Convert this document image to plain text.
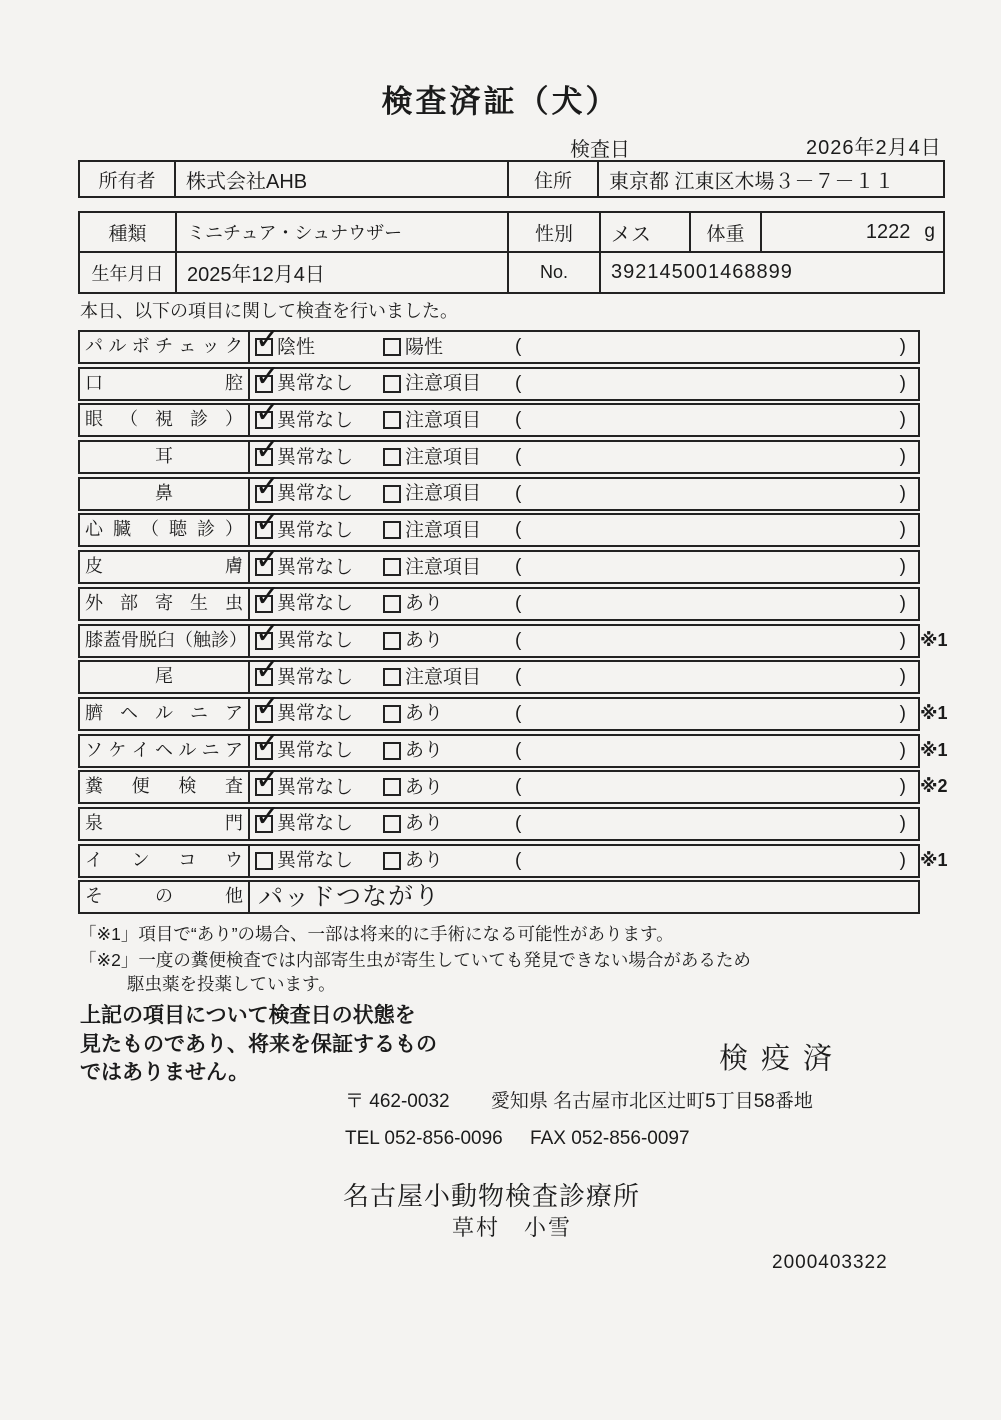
検査済証（犬）
検査日	2026年2月4日
所有者	株式会社AHB	住所	東京都 江東区木場３－７－１１
種類	ミニチュア・シュナウザー	性別	メス	体重	1222 g
生年月日	2025年12月4日	No.	392145001468899
本日、以下の項目に関して検査を行いました。
パ ル ボ チ ェ ッ ク ✓	陰性	陽性	(	)
口 腔 ✓	異常なし	注意項目 (	)
眼 （ 視 診 ） ✓	異常なし	注意項目 (	)
耳 ✓	異常なし	注意項目 (	)
鼻 ✓	異常なし	注意項目 (	)
心 臓 （ 聴 診 ） ✓	異常なし	注意項目 (	)
皮 膚 ✓	異常なし	注意項目 (	)
外 部 寄 生 虫 ✓	異常なし	あり	(	)
膝蓋骨脱臼（触診） ✓ 異常なし	あり	(	) ※1
尾 ✓	異常なし	注意項目 (	)
臍 ヘ ル ニ ア ✓	異常なし	あり	(	) ※1
ソ ケ イ ヘ ル ニ ア ✓	異常なし	あり	(	) ※1
糞 便 検 査 ✓	異常なし	あり	(	) ※2
泉 門 ✓	異常なし	あり	(	)
イ ン コ ウ	異常なし	あり	(	) ※1
そ の 他 パッドつながり
「※1」項目で“あり”の場合、一部は将来的に手術になる可能性があります。
「※2」一度の糞便検査では内部寄生虫が寄生していても発見できない場合があるため
駆虫薬を投薬しています。
上記の項目について検査日の状態を
見たものであり、将来を保証するもの
ではありません。	検疫済
〒 462-0032 愛知県 名古屋市北区辻町5丁目58番地
TEL 052-856-0096 FAX 052-856-0097
名古屋小動物検査診療所
草村　小雪
2000403322
